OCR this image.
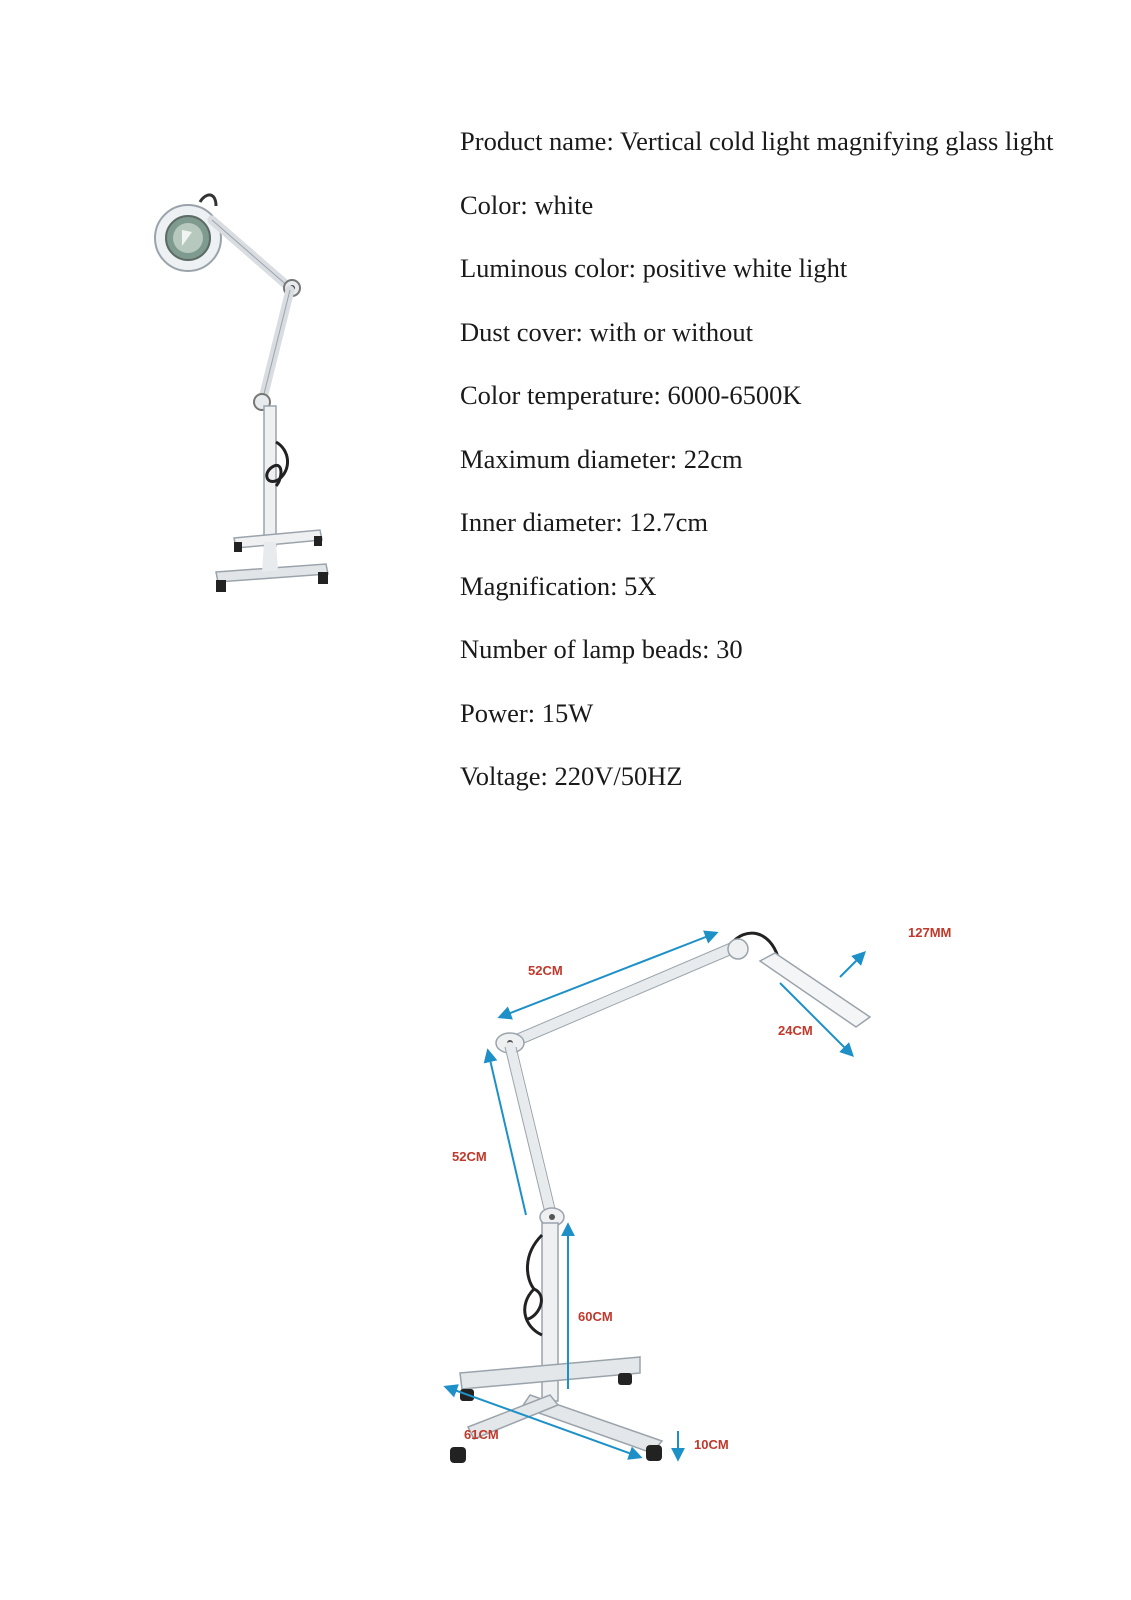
Product name: Vertical cold light magnifying glass light
Color: white
Luminous color: positive white light
Dust cover: with or without
Color temperature: 6000-6500K
Maximum diameter: 22cm
Inner diameter: 12.7cm
Magnification: 5X
Number of lamp beads: 30
Power: 15W
Voltage: 220V/50HZ
127MM
52CM
24CM
52CM
60CM
61CM
10CM
